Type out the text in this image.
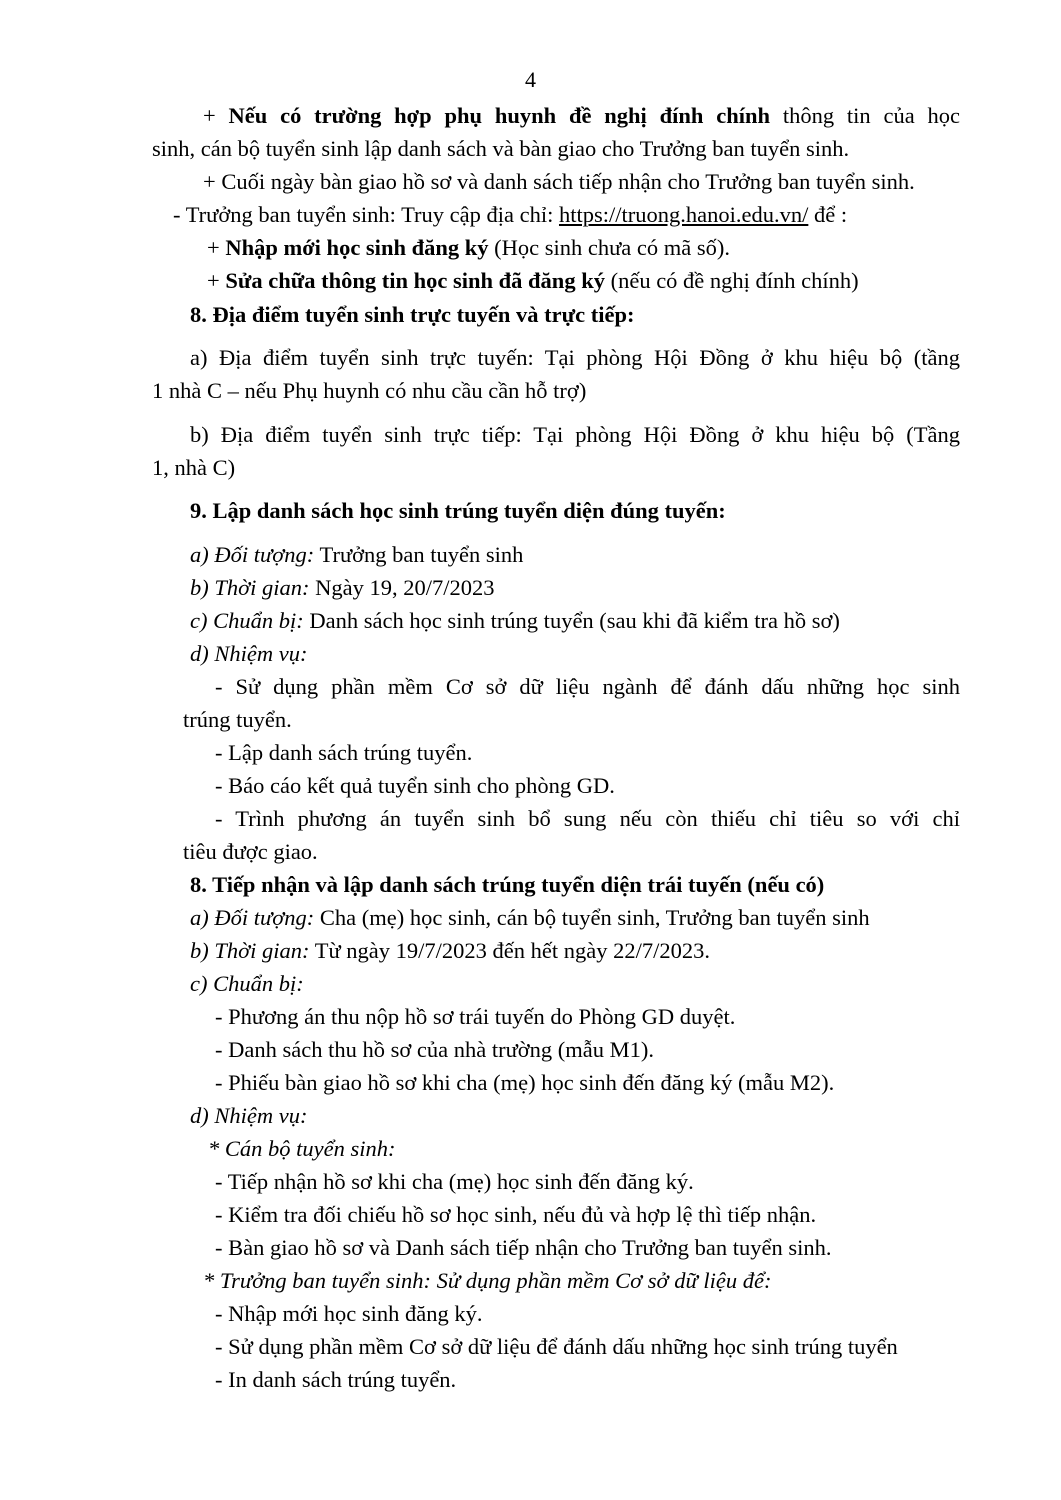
4
+ Nếu có trường hợp phụ huynh đề nghị đính chính thông tin của học
sinh, cán bộ tuyển sinh lập danh sách và bàn giao cho Trưởng ban tuyển sinh.
+ Cuối ngày bàn giao hồ sơ và danh sách tiếp nhận cho Trưởng ban tuyển sinh.
- Trưởng ban tuyển sinh: Truy cập địa chỉ: https://truong.hanoi.edu.vn/ để :
+ Nhập mới học sinh đăng ký (Học sinh chưa có mã số).
+ Sửa chữa thông tin học sinh đã đăng ký (nếu có đề nghị đính chính)
8. Địa điểm tuyển sinh trực tuyến và trực tiếp:
a) Địa điểm tuyển sinh trực tuyến: Tại phòng Hội Đồng ở khu hiệu bộ (tầng
1 nhà C – nếu Phụ huynh có nhu cầu cần hỗ trợ)
b) Địa điểm tuyển sinh trực tiếp: Tại phòng Hội Đồng ở khu hiệu bộ (Tầng
1, nhà C)
9. Lập danh sách học sinh trúng tuyển diện đúng tuyến:
a) Đối tượng: Trưởng ban tuyển sinh
b) Thời gian: Ngày 19, 20/7/2023
c) Chuẩn bị: Danh sách học sinh trúng tuyển (sau khi đã kiểm tra hồ sơ)
d) Nhiệm vụ:
- Sử dụng phần mềm Cơ sở dữ liệu ngành để đánh dấu những học sinh
trúng tuyển.
- Lập danh sách trúng tuyển.
- Báo cáo kết quả tuyển sinh cho phòng GD.
- Trình phương án tuyển sinh bổ sung nếu còn thiếu chỉ tiêu so với chỉ
tiêu được giao.
8. Tiếp nhận và lập danh sách trúng tuyển diện trái tuyến (nếu có)
a) Đối tượng: Cha (mẹ) học sinh, cán bộ tuyển sinh, Trưởng ban tuyển sinh
b) Thời gian: Từ ngày 19/7/2023 đến hết ngày 22/7/2023.
c) Chuẩn bị:
- Phương án thu nộp hồ sơ trái tuyến do Phòng GD duyệt.
- Danh sách thu hồ sơ của nhà trường (mẫu M1).
- Phiếu bàn giao hồ sơ khi cha (mẹ) học sinh đến đăng ký (mẫu M2).
d) Nhiệm vụ:
* Cán bộ tuyển sinh:
- Tiếp nhận hồ sơ khi cha (mẹ) học sinh đến đăng ký.
- Kiểm tra đối chiếu hồ sơ học sinh, nếu đủ và hợp lệ thì tiếp nhận.
- Bàn giao hồ sơ và Danh sách tiếp nhận cho Trưởng ban tuyển sinh.
* Trưởng ban tuyển sinh: Sử dụng phần mềm Cơ sở dữ liệu để:
- Nhập mới học sinh đăng ký.
- Sử dụng phần mềm Cơ sở dữ liệu để đánh dấu những học sinh trúng tuyển
- In danh sách trúng tuyển.
